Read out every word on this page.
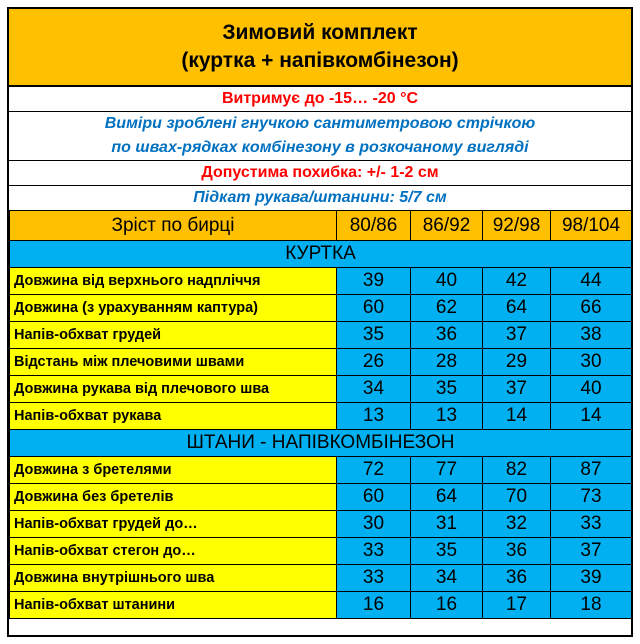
Зимовий комплект
(куртка + напівкомбінезон)
Витримує до -15… -20 °C
Виміри зроблені гнучкою сантиметровою стрічкою
по швах-рядках комбінезону в розкочаному вигляді
Допустима похибка: +/- 1-2 см
Підкат рукава/штанини: 5/7 см
Зріст по бирці	80/86	86/92	92/98	98/104
КУРТКА				
Довжина від верхнього надпліччя	39	40	42	44
Довжина (з урахуванням каптура)	60	62	64	66
Напів-обхват грудей	35	36	37	38
Відстань між плечовими швами	26	28	29	30
Довжина рукава від плечового шва	34	35	37	40
Напів-обхват рукава	13	13	14	14
ШТАНИ - НАПІВКОМБІНЕЗОН				
Довжина з бретелями	72	77	82	87
Довжина без бретелів	60	64	70	73
Напів-обхват грудей до…	30	31	32	33
Напів-обхват стегон до…	33	35	36	37
Довжина внутрішнього шва	33	34	36	39
Напів-обхват штанини	16	16	17	18
